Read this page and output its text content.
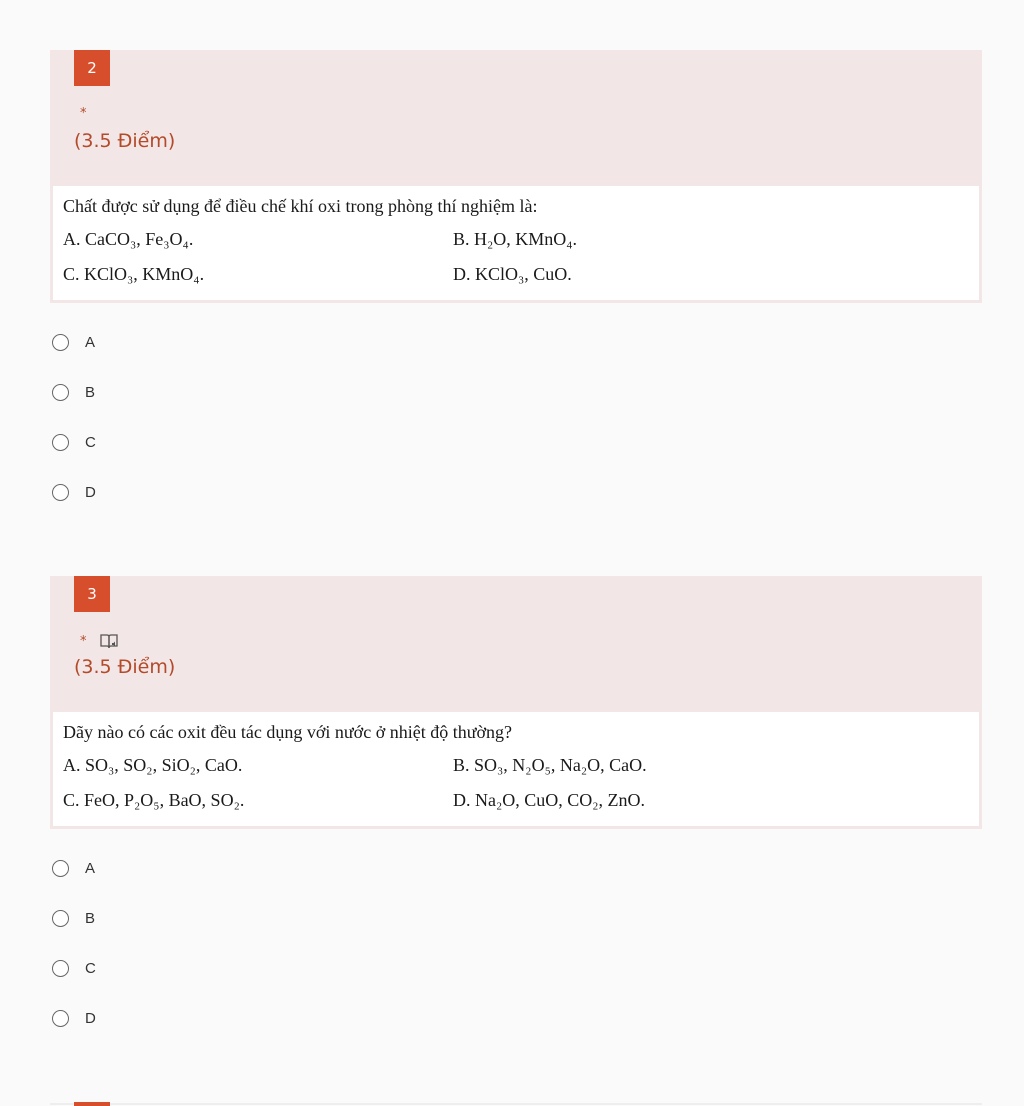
2
*
(3.5 Điểm)
Chất được sử dụng để điều chế khí oxi trong phòng thí nghiệm là:
A. CaCO₃, Fe₃O₄.	B. H₂O, KMnO₄.
C. KClO₃, KMnO₄.	D. KClO₃, CuO.
A
B
C
D
3
*
(3.5 Điểm)
Dãy nào có các oxit đều tác dụng với nước ở nhiệt độ thường?
A. SO₃, SO₂, SiO₂, CaO.	B. SO₃, N₂O₅, Na₂O, CaO.
C. FeO, P₂O₅, BaO, SO₂.	D. Na₂O, CuO, CO₂, ZnO.
A
B
C
D
